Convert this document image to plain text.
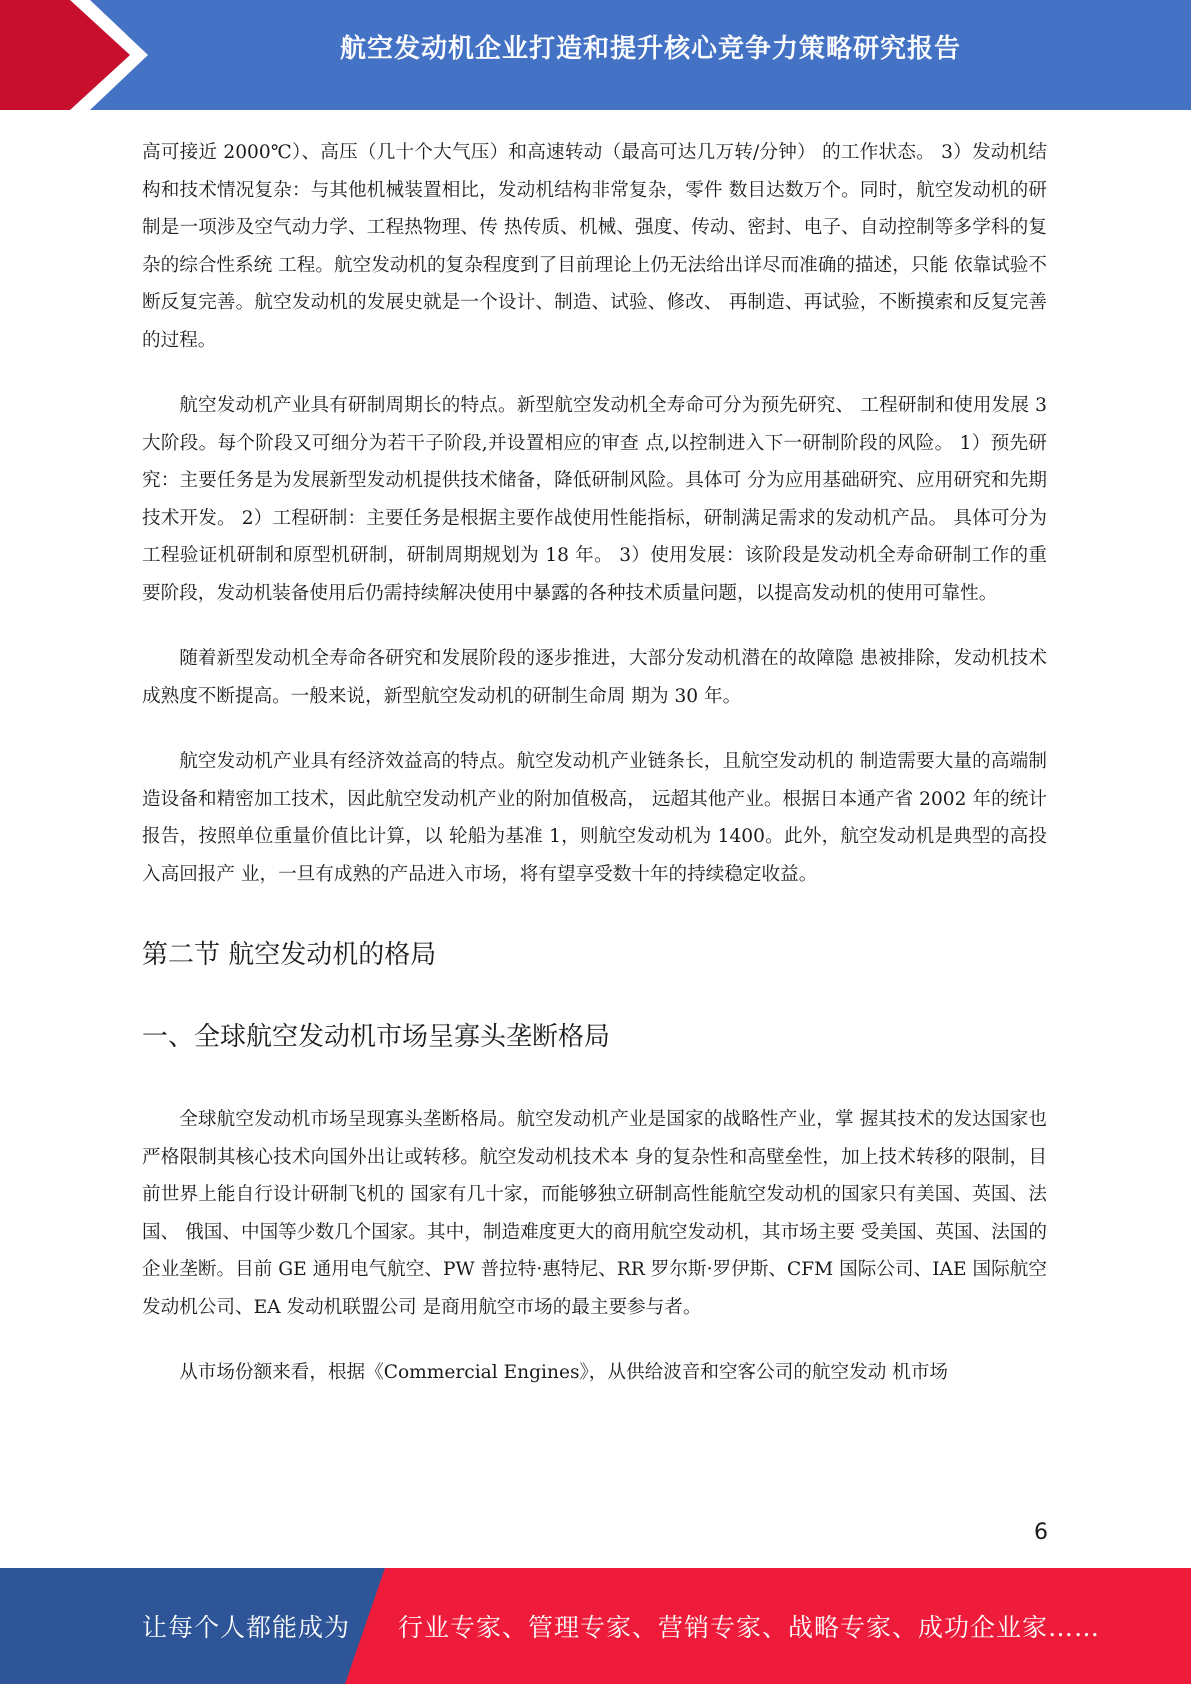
航空发动机企业打造和提升核心竞争力策略研究报告

高可接近 2000℃）、高压（几十个大气压）和高速转动（最高可达几万转/分钟） 的工作状态。 3）发动机结构和技术情况复杂：与其他机械装置相比，发动机结构非常复杂，零件 数目达数万个。同时，航空发动机的研制是一项涉及空气动力学、工程热物理、传 热传质、机械、强度、传动、密封、电子、自动控制等多学科的复杂的综合性系统 工程。航空发动机的复杂程度到了目前理论上仍无法给出详尽而准确的描述，只能 依靠试验不断反复完善。航空发动机的发展史就是一个设计、制造、试验、修改、 再制造、再试验，不断摸索和反复完善的过程。

航空发动机产业具有研制周期长的特点。新型航空发动机全寿命可分为预先研究、 工程研制和使用发展 3 大阶段。每个阶段又可细分为若干子阶段,并设置相应的审查 点,以控制进入下一研制阶段的风险。 1）预先研究：主要任务是为发展新型发动机提供技术储备，降低研制风险。具体可 分为应用基础研究、应用研究和先期技术开发。 2）工程研制：主要任务是根据主要作战使用性能指标，研制满足需求的发动机产品。 具体可分为工程验证机研制和原型机研制，研制周期规划为 18 年。 3）使用发展：该阶段是发动机全寿命研制工作的重要阶段，发动机装备使用后仍需持续解决使用中暴露的各种技术质量问题，以提高发动机的使用可靠性。

随着新型发动机全寿命各研究和发展阶段的逐步推进，大部分发动机潜在的故障隐 患被排除，发动机技术成熟度不断提高。一般来说，新型航空发动机的研制生命周 期为 30 年。

航空发动机产业具有经济效益高的特点。航空发动机产业链条长，且航空发动机的 制造需要大量的高端制造设备和精密加工技术，因此航空发动机产业的附加值极高， 远超其他产业。根据日本通产省 2002 年的统计报告，按照单位重量价值比计算，以 轮船为基准 1，则航空发动机为 1400。此外，航空发动机是典型的高投入高回报产 业，一旦有成熟的产品进入市场，将有望享受数十年的持续稳定收益。

第二节 航空发动机的格局
一、全球航空发动机市场呈寡头垄断格局

全球航空发动机市场呈现寡头垄断格局。航空发动机产业是国家的战略性产业，掌 握其技术的发达国家也严格限制其核心技术向国外出让或转移。航空发动机技术本 身的复杂性和高壁垒性，加上技术转移的限制，目前世界上能自行设计研制飞机的 国家有几十家，而能够独立研制高性能航空发动机的国家只有美国、英国、法国、 俄国、中国等少数几个国家。其中，制造难度更大的商用航空发动机，其市场主要 受美国、英国、法国的企业垄断。目前 GE 通用电气航空、PW 普拉特·惠特尼、RR 罗尔斯·罗伊斯、CFM 国际公司、IAE 国际航空发动机公司、EA 发动机联盟公司 是商用航空市场的最主要参与者。

从市场份额来看，根据《Commercial Engines》，从供给波音和空客公司的航空发动 机市场

6
让每个人都能成为 行业专家、管理专家、营销专家、战略专家、成功企业家……
